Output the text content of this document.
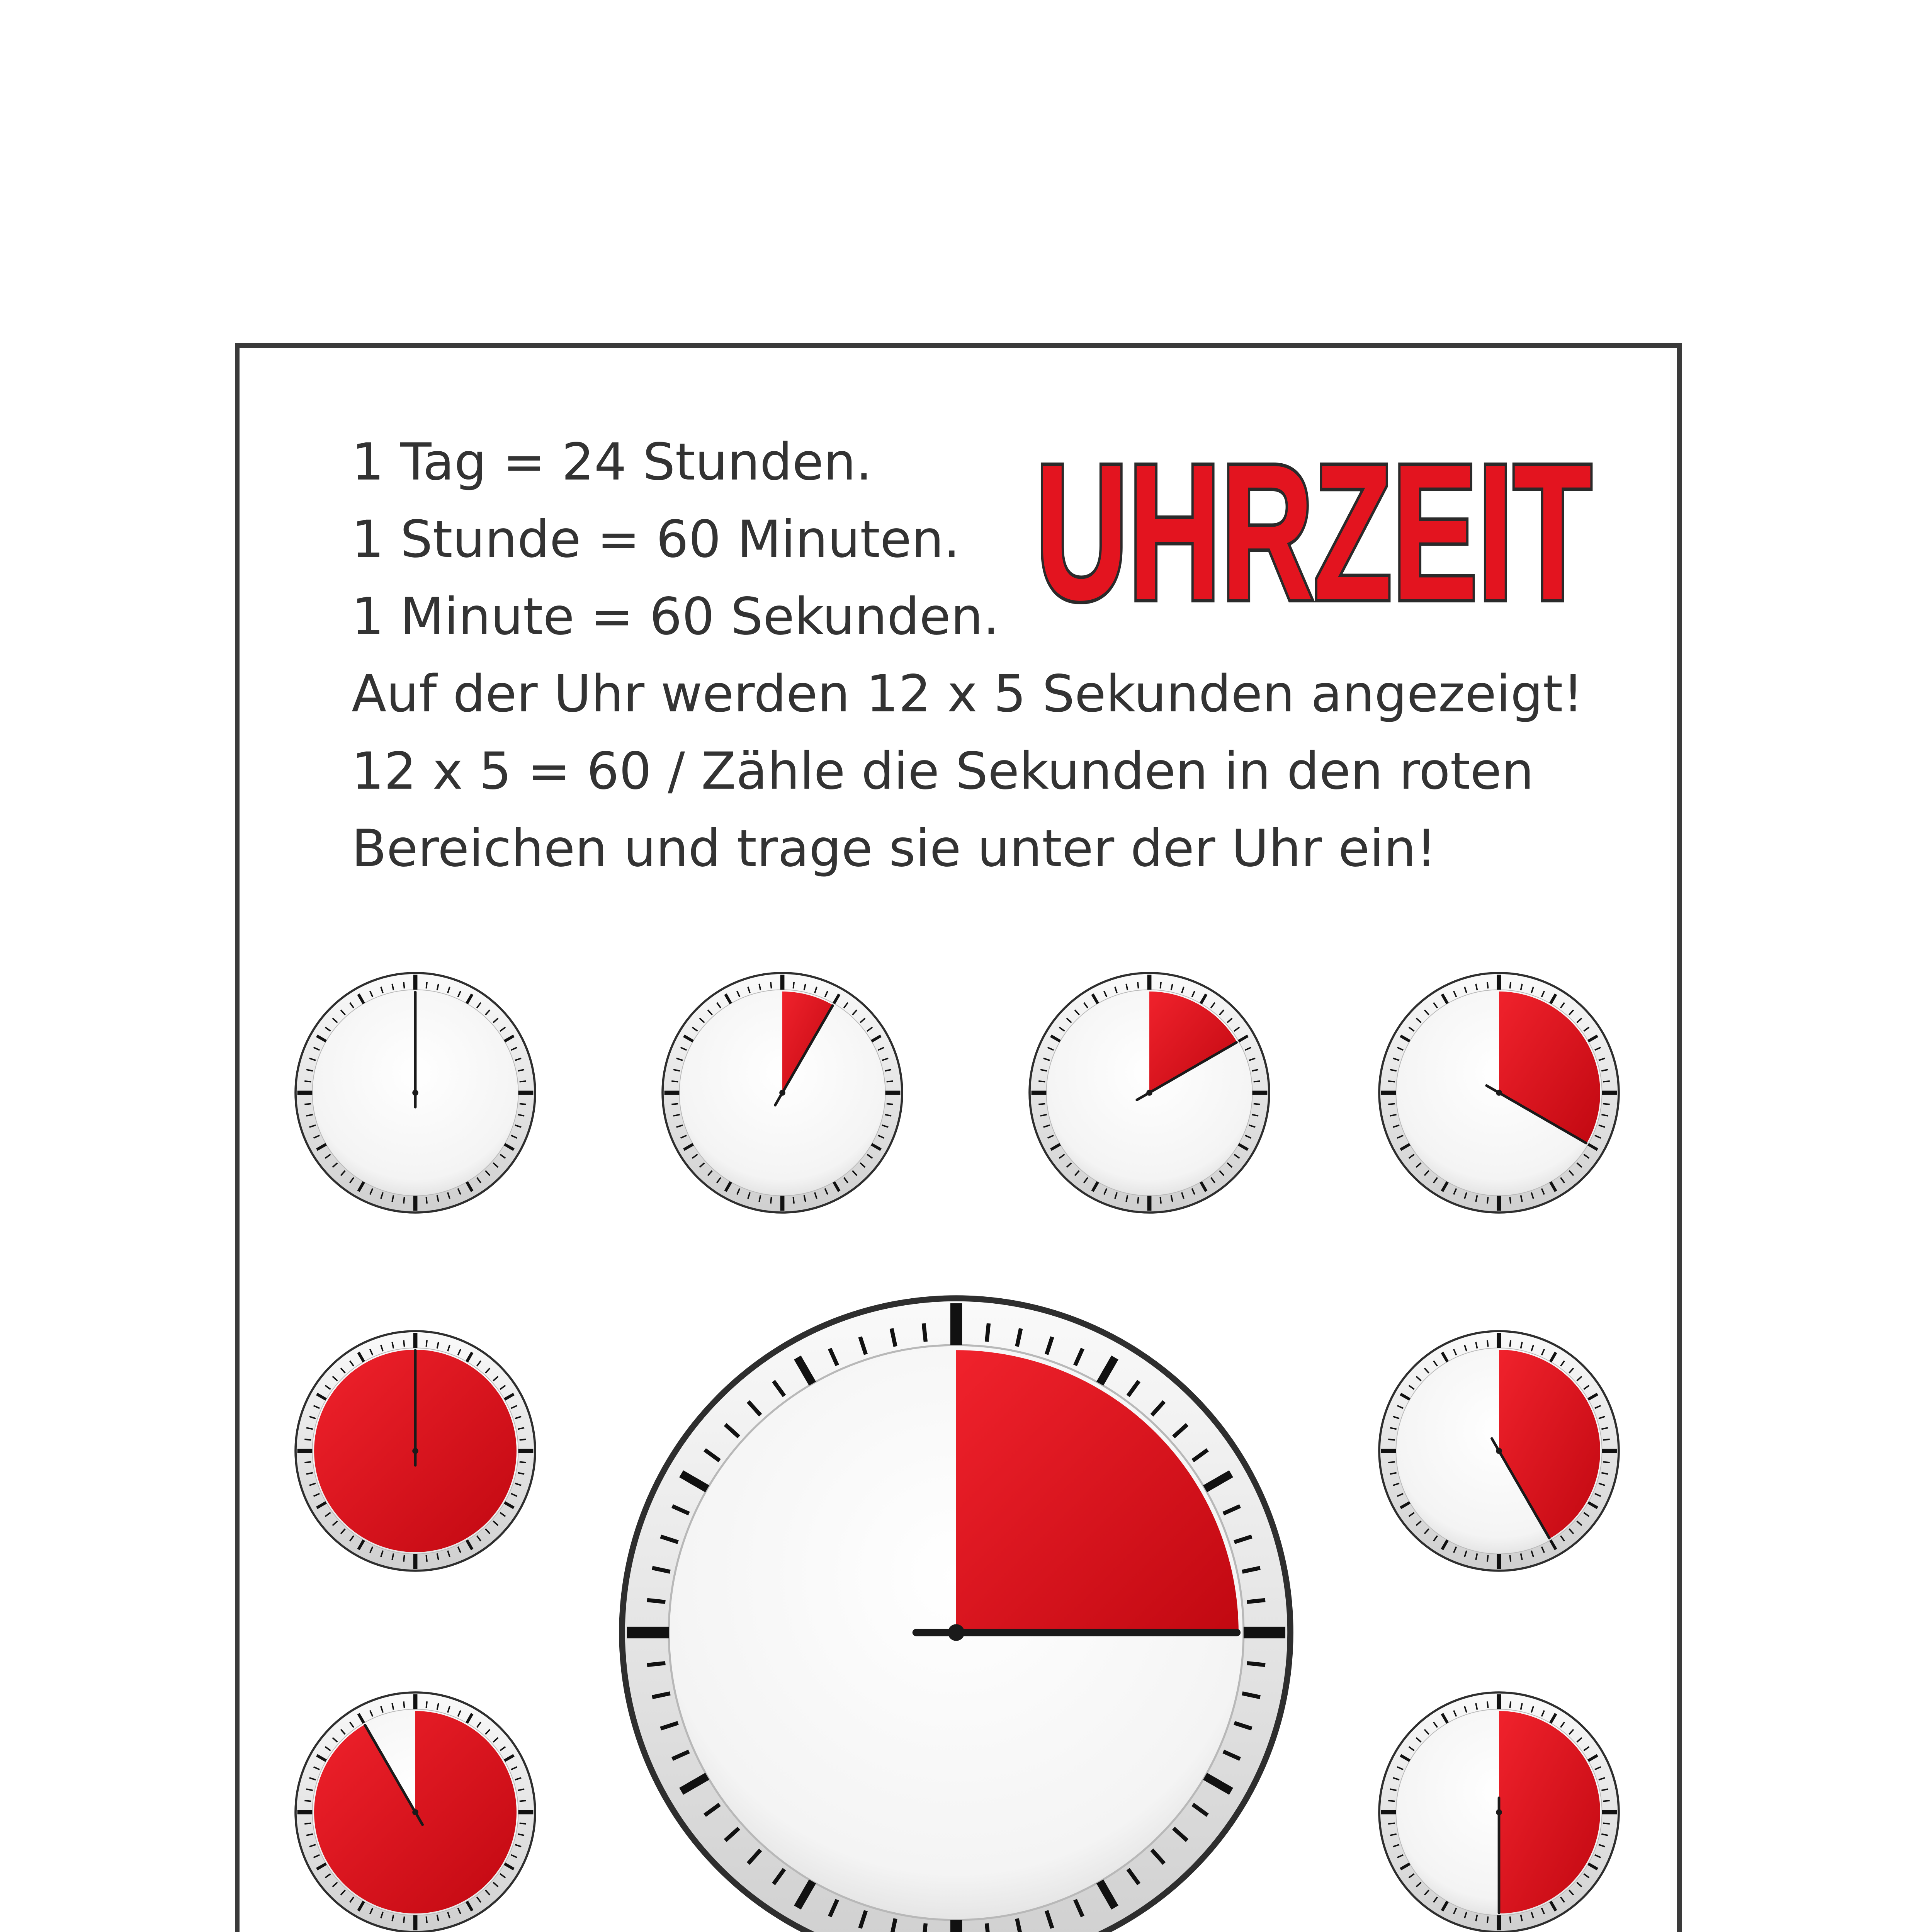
1 Tag = 24 Stunden.
1 Stunde = 60 Minuten.
1 Minute = 60 Sekunden.
Auf der Uhr werden 12 x 5 Sekunden angezeigt!
12 x 5 = 60 / Zähle die Sekunden in den roten
Bereichen und trage sie unter der Uhr ein!
UHRZEIT
